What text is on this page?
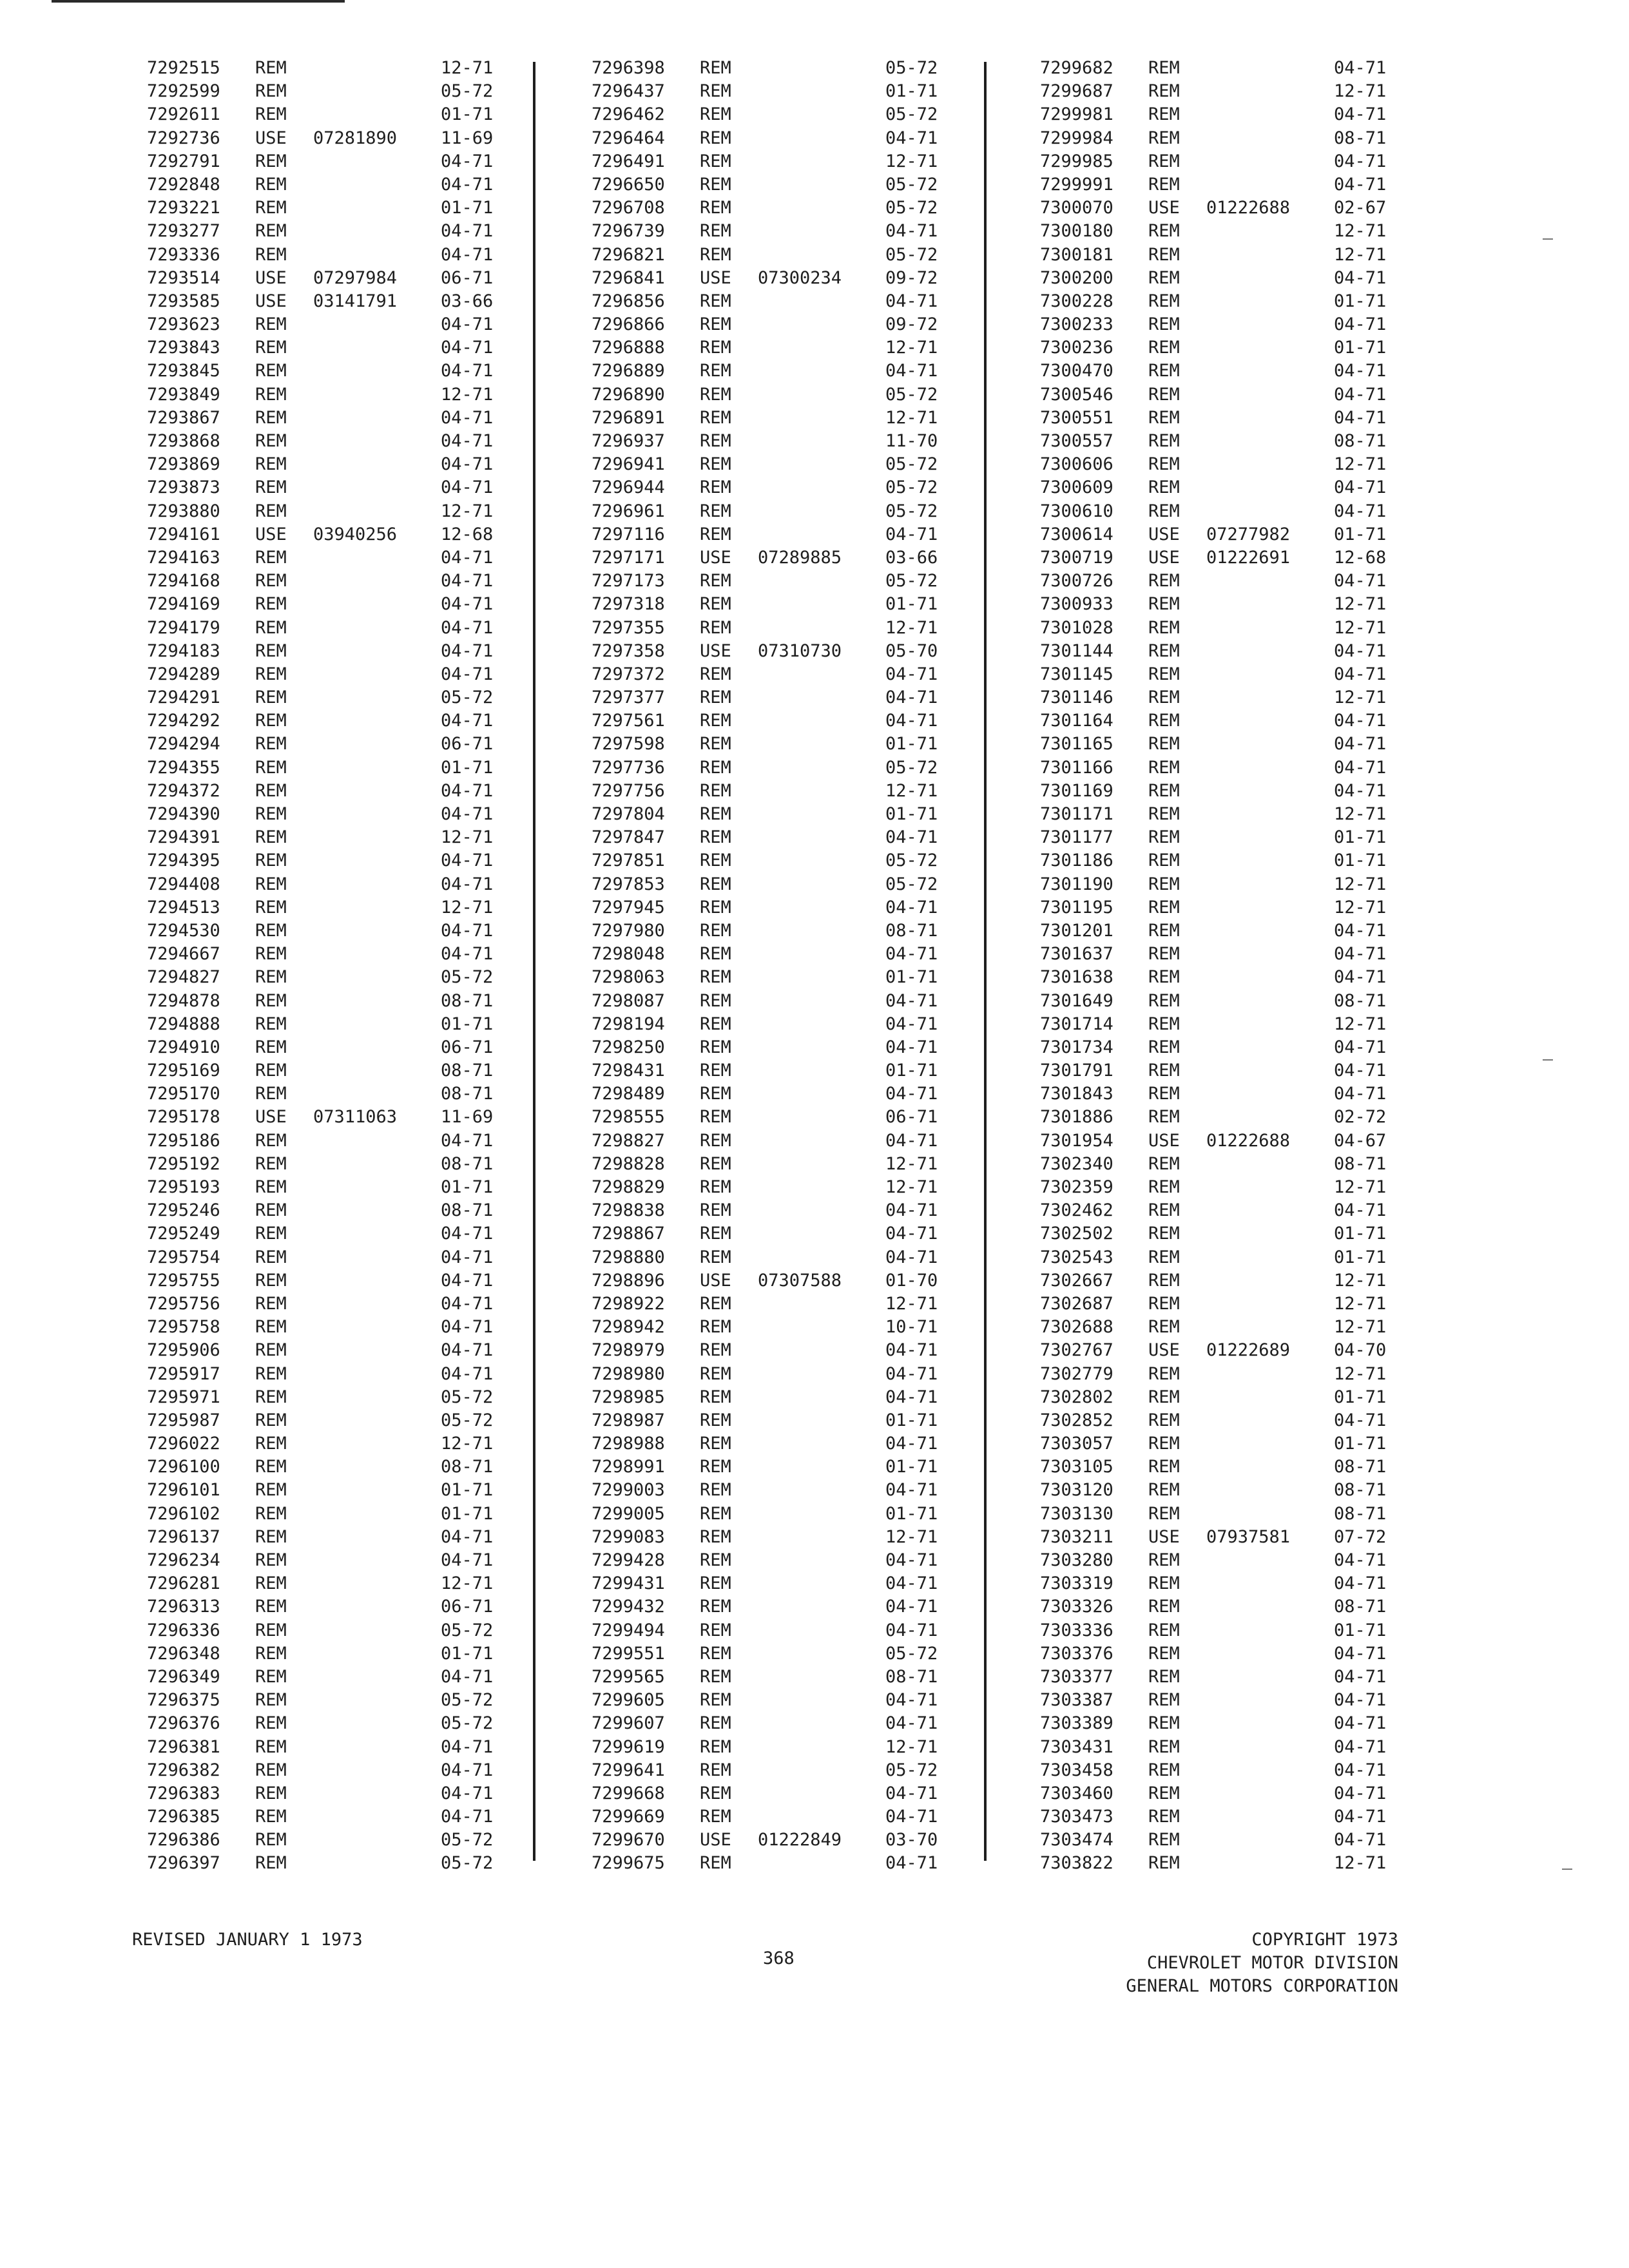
7292515	REM	12-71
7292599	REM	05-72
7292611	REM	01-71
7292736	USE	07281890	11-69
7292791	REM	04-71
7292848	REM	04-71
7293221	REM	01-71
7293277	REM	04-71
7293336	REM	04-71
7293514	USE	07297984	06-71
7293585	USE	03141791	03-66
7293623	REM	04-71
7293843	REM	04-71
7293845	REM	04-71
7293849	REM	12-71
7293867	REM	04-71
7293868	REM	04-71
7293869	REM	04-71
7293873	REM	04-71
7293880	REM	12-71
7294161	USE	03940256	12-68
7294163	REM	04-71
7294168	REM	04-71
7294169	REM	04-71
7294179	REM	04-71
7294183	REM	04-71
7294289	REM	04-71
7294291	REM	05-72
7294292	REM	04-71
7294294	REM	06-71
7294355	REM	01-71
7294372	REM	04-71
7294390	REM	04-71
7294391	REM	12-71
7294395	REM	04-71
7294408	REM	04-71
7294513	REM	12-71
7294530	REM	04-71
7294667	REM	04-71
7294827	REM	05-72
7294878	REM	08-71
7294888	REM	01-71
7294910	REM	06-71
7295169	REM	08-71
7295170	REM	08-71
7295178	USE	07311063	11-69
7295186	REM	04-71
7295192	REM	08-71
7295193	REM	01-71
7295246	REM	08-71
7295249	REM	04-71
7295754	REM	04-71
7295755	REM	04-71
7295756	REM	04-71
7295758	REM	04-71
7295906	REM	04-71
7295917	REM	04-71
7295971	REM	05-72
7295987	REM	05-72
7296022	REM	12-71
7296100	REM	08-71
7296101	REM	01-71
7296102	REM	01-71
7296137	REM	04-71
7296234	REM	04-71
7296281	REM	12-71
7296313	REM	06-71
7296336	REM	05-72
7296348	REM	01-71
7296349	REM	04-71
7296375	REM	05-72
7296376	REM	05-72
7296381	REM	04-71
7296382	REM	04-71
7296383	REM	04-71
7296385	REM	04-71
7296386	REM	05-72
7296397	REM	05-72
7296398	REM	05-72
7296437	REM	01-71
7296462	REM	05-72
7296464	REM	04-71
7296491	REM	12-71
7296650	REM	05-72
7296708	REM	05-72
7296739	REM	04-71
7296821	REM	05-72
7296841	USE	07300234	09-72
7296856	REM	04-71
7296866	REM	09-72
7296888	REM	12-71
7296889	REM	04-71
7296890	REM	05-72
7296891	REM	12-71
7296937	REM	11-70
7296941	REM	05-72
7296944	REM	05-72
7296961	REM	05-72
7297116	REM	04-71
7297171	USE	07289885	03-66
7297173	REM	05-72
7297318	REM	01-71
7297355	REM	12-71
7297358	USE	07310730	05-70
7297372	REM	04-71
7297377	REM	04-71
7297561	REM	04-71
7297598	REM	01-71
7297736	REM	05-72
7297756	REM	12-71
7297804	REM	01-71
7297847	REM	04-71
7297851	REM	05-72
7297853	REM	05-72
7297945	REM	04-71
7297980	REM	08-71
7298048	REM	04-71
7298063	REM	01-71
7298087	REM	04-71
7298194	REM	04-71
7298250	REM	04-71
7298431	REM	01-71
7298489	REM	04-71
7298555	REM	06-71
7298827	REM	04-71
7298828	REM	12-71
7298829	REM	12-71
7298838	REM	04-71
7298867	REM	04-71
7298880	REM	04-71
7298896	USE	07307588	01-70
7298922	REM	12-71
7298942	REM	10-71
7298979	REM	04-71
7298980	REM	04-71
7298985	REM	04-71
7298987	REM	01-71
7298988	REM	04-71
7298991	REM	01-71
7299003	REM	04-71
7299005	REM	01-71
7299083	REM	12-71
7299428	REM	04-71
7299431	REM	04-71
7299432	REM	04-71
7299494	REM	04-71
7299551	REM	05-72
7299565	REM	08-71
7299605	REM	04-71
7299607	REM	04-71
7299619	REM	12-71
7299641	REM	05-72
7299668	REM	04-71
7299669	REM	04-71
7299670	USE	01222849	03-70
7299675	REM	04-71
7299682	REM	04-71
7299687	REM	12-71
7299981	REM	04-71
7299984	REM	08-71
7299985	REM	04-71
7299991	REM	04-71
7300070	USE	01222688	02-67
7300180	REM	12-71
7300181	REM	12-71
7300200	REM	04-71
7300228	REM	01-71
7300233	REM	04-71
7300236	REM	01-71
7300470	REM	04-71
7300546	REM	04-71
7300551	REM	04-71
7300557	REM	08-71
7300606	REM	12-71
7300609	REM	04-71
7300610	REM	04-71
7300614	USE	07277982	01-71
7300719	USE	01222691	12-68
7300726	REM	04-71
7300933	REM	12-71
7301028	REM	12-71
7301144	REM	04-71
7301145	REM	04-71
7301146	REM	12-71
7301164	REM	04-71
7301165	REM	04-71
7301166	REM	04-71
7301169	REM	04-71
7301171	REM	12-71
7301177	REM	01-71
7301186	REM	01-71
7301190	REM	12-71
7301195	REM	12-71
7301201	REM	04-71
7301637	REM	04-71
7301638	REM	04-71
7301649	REM	08-71
7301714	REM	12-71
7301734	REM	04-71
7301791	REM	04-71
7301843	REM	04-71
7301886	REM	02-72
7301954	USE	01222688	04-67
7302340	REM	08-71
7302359	REM	12-71
7302462	REM	04-71
7302502	REM	01-71
7302543	REM	01-71
7302667	REM	12-71
7302687	REM	12-71
7302688	REM	12-71
7302767	USE	01222689	04-70
7302779	REM	12-71
7302802	REM	01-71
7302852	REM	04-71
7303057	REM	01-71
7303105	REM	08-71
7303120	REM	08-71
7303130	REM	08-71
7303211	USE	07937581	07-72
7303280	REM	04-71
7303319	REM	04-71
7303326	REM	08-71
7303336	REM	01-71
7303376	REM	04-71
7303377	REM	04-71
7303387	REM	04-71
7303389	REM	04-71
7303431	REM	04-71
7303458	REM	04-71
7303460	REM	04-71
7303473	REM	04-71
7303474	REM	04-71
7303822	REM	12-71
REVISED JANUARY 1 1973
368
COPYRIGHT 1973
CHEVROLET MOTOR DIVISION
GENERAL MOTORS CORPORATION
